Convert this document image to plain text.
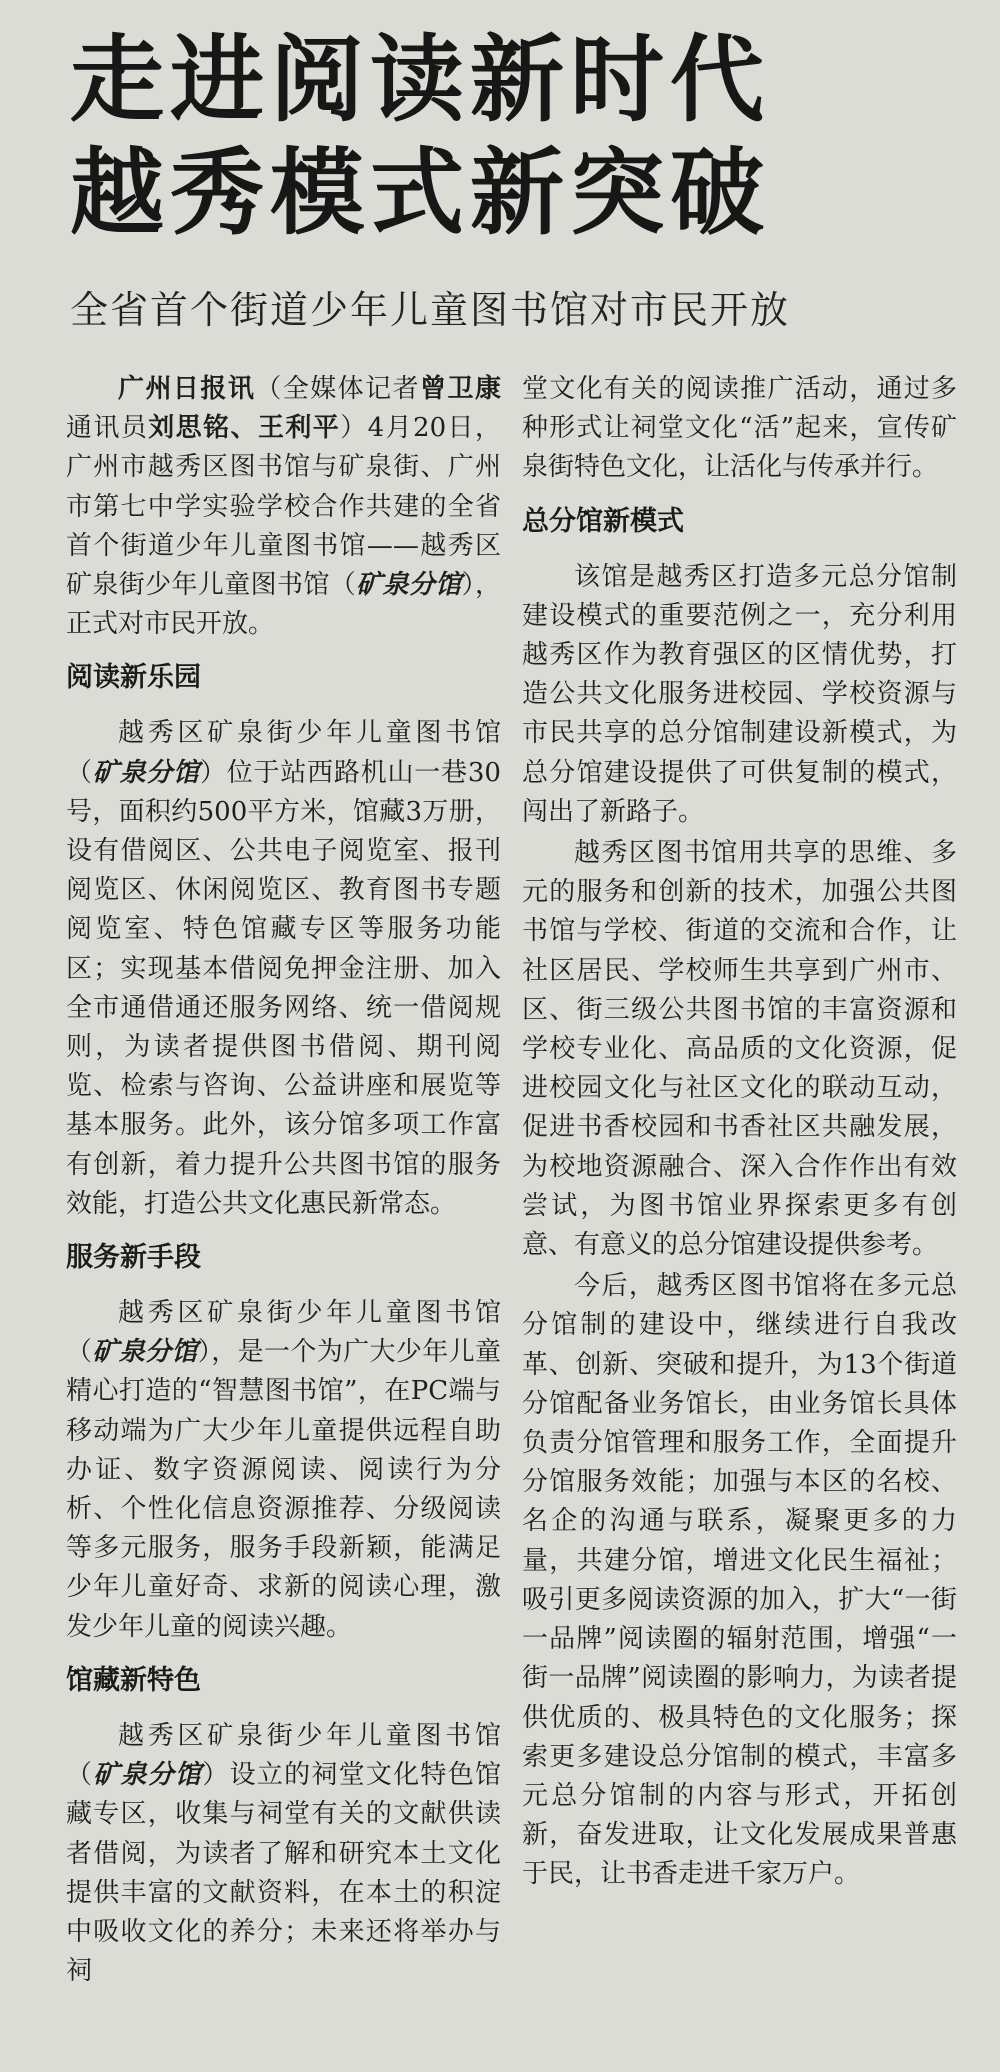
走进阅读新时代
越秀模式新突破

全省首个街道少年儿童图书馆对市民开放

广州日报讯（全媒体记者曾卫康 通讯员刘思铭、王利平）4月20日，广州市越秀区图书馆与矿泉街、广州市第七中学实验学校合作共建的全省首个街道少年儿童图书馆——越秀区矿泉街少年儿童图书馆（矿泉分馆），正式对市民开放。

阅读新乐园

越秀区矿泉街少年儿童图书馆（矿泉分馆）位于站西路机山一巷30号，面积约500平方米，馆藏3万册，设有借阅区、公共电子阅览室、报刊阅览区、休闲阅览区、教育图书专题阅览室、特色馆藏专区等服务功能区；实现基本借阅免押金注册、加入全市通借通还服务网络、统一借阅规则，为读者提供图书借阅、期刊阅览、检索与咨询、公益讲座和展览等基本服务。此外，该分馆多项工作富有创新，着力提升公共图书馆的服务效能，打造公共文化惠民新常态。

服务新手段

越秀区矿泉街少年儿童图书馆（矿泉分馆），是一个为广大少年儿童精心打造的“智慧图书馆”，在PC端与移动端为广大少年儿童提供远程自助办证、数字资源阅读、阅读行为分析、个性化信息资源推荐、分级阅读等多元服务，服务手段新颖，能满足少年儿童好奇、求新的阅读心理，激发少年儿童的阅读兴趣。

馆藏新特色

越秀区矿泉街少年儿童图书馆（矿泉分馆）设立的祠堂文化特色馆藏专区，收集与祠堂有关的文献供读者借阅，为读者了解和研究本土文化提供丰富的文献资料，在本土的积淀中吸收文化的养分；未来还将举办与祠

堂文化有关的阅读推广活动，通过多种形式让祠堂文化“活”起来，宣传矿泉街特色文化，让活化与传承并行。

总分馆新模式

该馆是越秀区打造多元总分馆制建设模式的重要范例之一，充分利用越秀区作为教育强区的区情优势，打造公共文化服务进校园、学校资源与市民共享的总分馆制建设新模式，为总分馆建设提供了可供复制的模式，闯出了新路子。

越秀区图书馆用共享的思维、多元的服务和创新的技术，加强公共图书馆与学校、街道的交流和合作，让社区居民、学校师生共享到广州市、区、街三级公共图书馆的丰富资源和学校专业化、高品质的文化资源，促进校园文化与社区文化的联动互动，促进书香校园和书香社区共融发展，为校地资源融合、深入合作作出有效尝试，为图书馆业界探索更多有创意、有意义的总分馆建设提供参考。

今后，越秀区图书馆将在多元总分馆制的建设中，继续进行自我改革、创新、突破和提升，为13个街道分馆配备业务馆长，由业务馆长具体负责分馆管理和服务工作，全面提升分馆服务效能；加强与本区的名校、名企的沟通与联系，凝聚更多的力量，共建分馆，增进文化民生福祉；吸引更多阅读资源的加入，扩大“一街一品牌”阅读圈的辐射范围，增强“一街一品牌”阅读圈的影响力，为读者提供优质的、极具特色的文化服务；探索更多建设总分馆制的模式，丰富多元总分馆制的内容与形式，开拓创新，奋发进取，让文化发展成果普惠于民，让书香走进千家万户。
